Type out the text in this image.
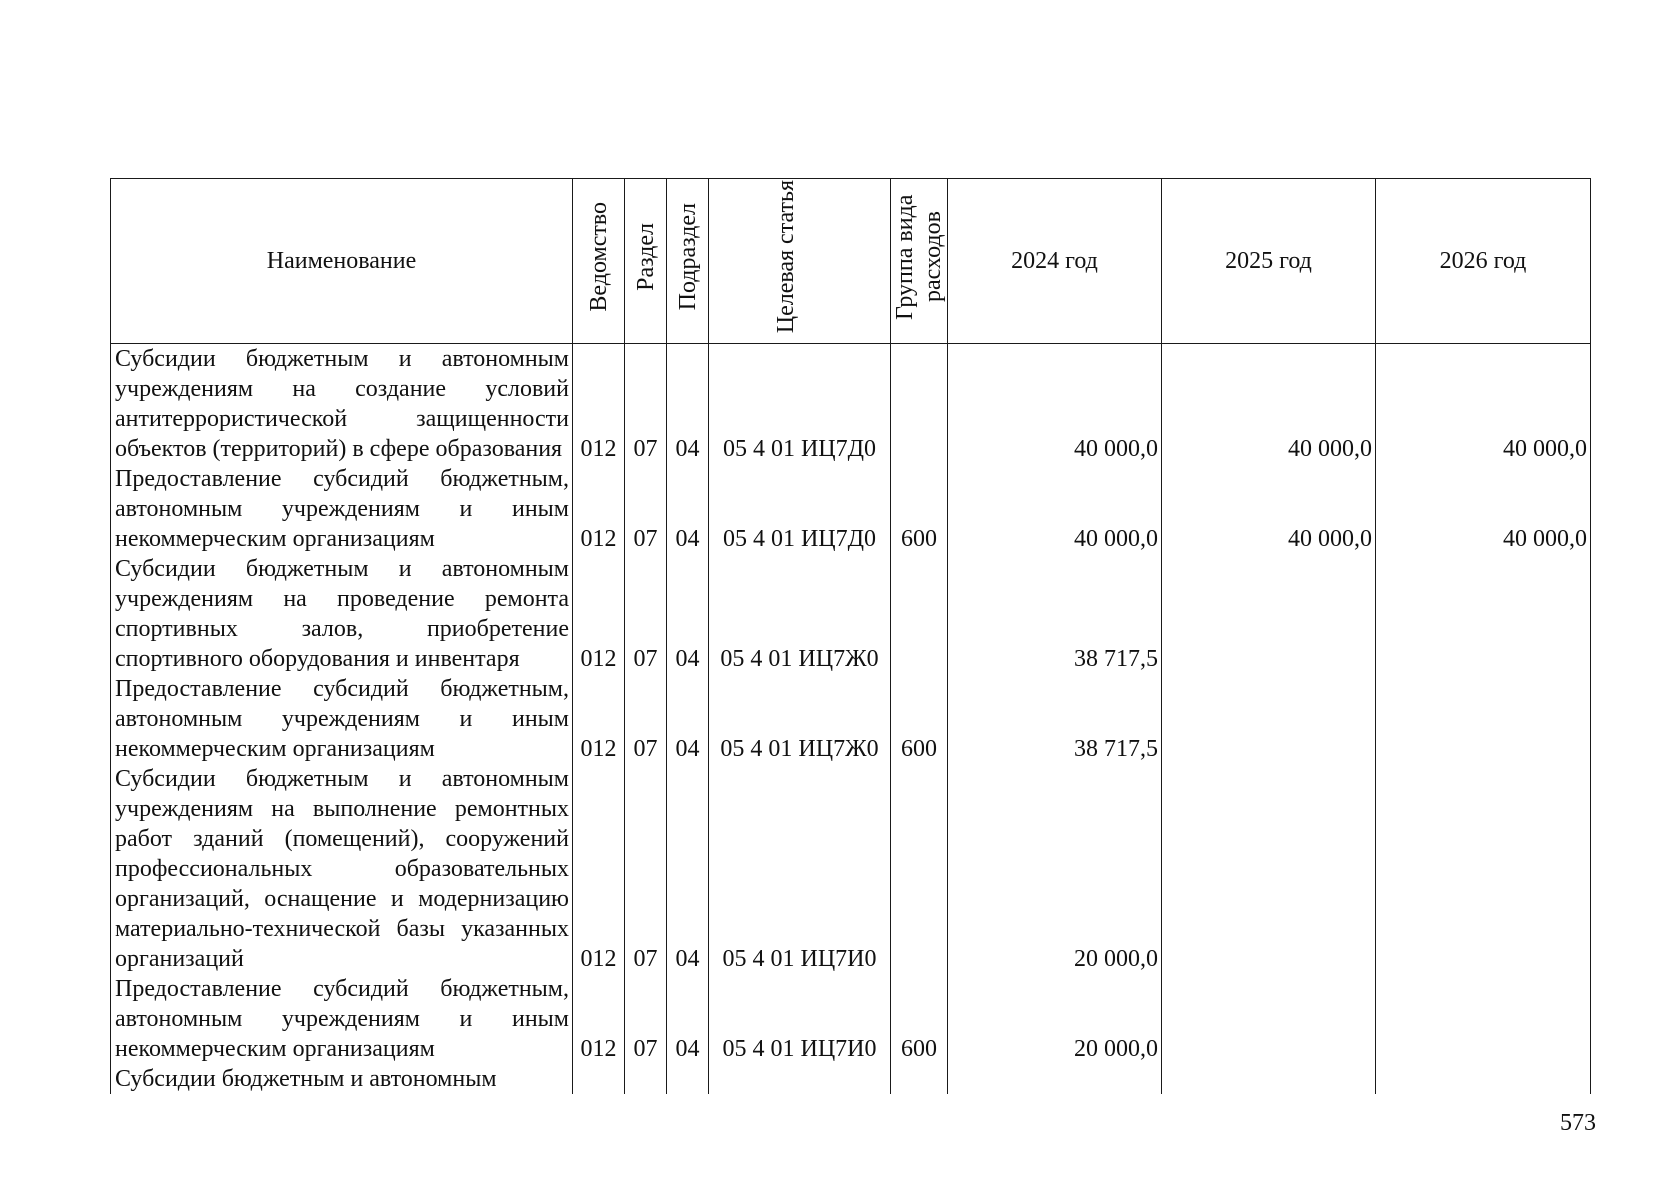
Наименование	Ведомство	Раздел	Подраздел	Целевая статья	Группа вида расходов	2024 год	2025 год	2026 год
Субсидии бюджетным и автономным учреждениям на создание условий антитеррористической защищенности объектов (территорий) в сфере образования	012	07	04	05 4 01 ИЦ7Д0		40 000,0	40 000,0	40 000,0
Предоставление субсидий бюджетным, автономным учреждениям и иным некоммерческим организациям	012	07	04	05 4 01 ИЦ7Д0	600	40 000,0	40 000,0	40 000,0
Субсидии бюджетным и автономным учреждениям на проведение ремонта спортивных залов, приобретение спортивного оборудования и инвентаря	012	07	04	05 4 01 ИЦ7Ж0		38 717,5		
Предоставление субсидий бюджетным, автономным учреждениям и иным некоммерческим организациям	012	07	04	05 4 01 ИЦ7Ж0	600	38 717,5		
Субсидии бюджетным и автономным учреждениям на выполнение ремонтных работ зданий (помещений), сооружений профессиональных образовательных организаций, оснащение и модернизацию материально-технической базы указанных организаций	012	07	04	05 4 01 ИЦ7И0		20 000,0		
Предоставление субсидий бюджетным, автономным учреждениям и иным некоммерческим организациям	012	07	04	05 4 01 ИЦ7И0	600	20 000,0		
Субсидии бюджетным и автономным								
573
